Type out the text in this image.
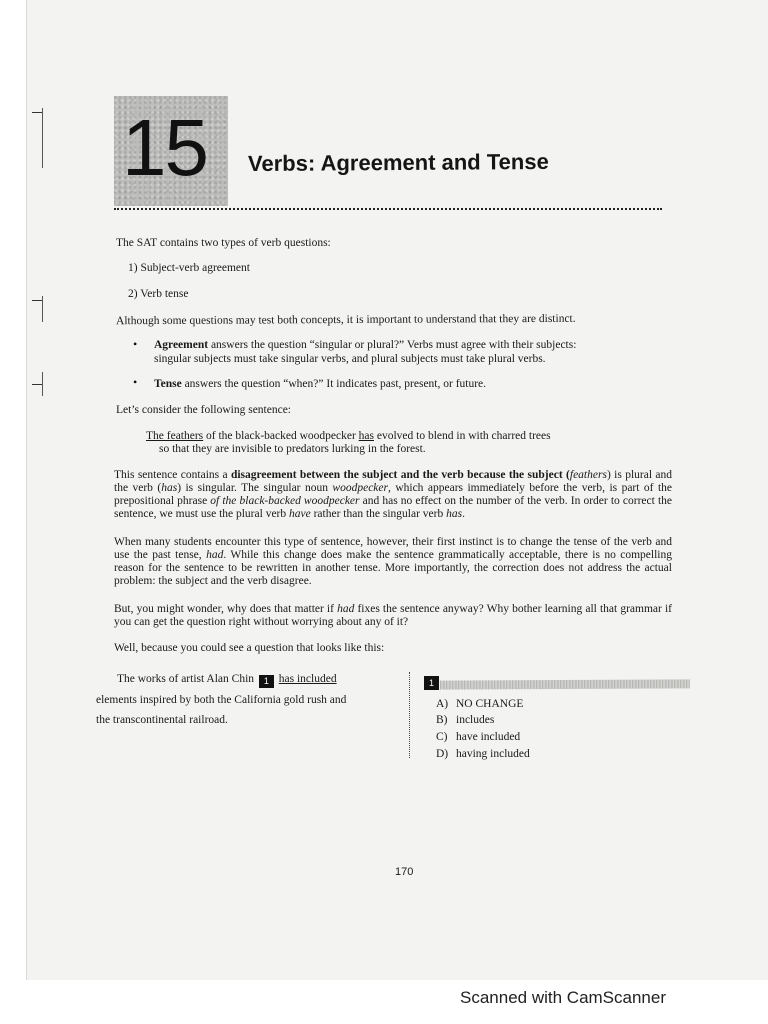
15 Verbs: Agreement and Tense
The SAT contains two types of verb questions:
1) Subject-verb agreement
2) Verb tense
Although some questions may test both concepts, it is important to understand that they are distinct.
• Agreement answers the question “singular or plural?” Verbs must agree with their subjects:
singular subjects must take singular verbs, and plural subjects must take plural verbs.
• Tense answers the question “when?” It indicates past, present, or future.
Let’s consider the following sentence:
The feathers of the black-backed woodpecker has evolved to blend in with charred trees
so that they are invisible to predators lurking in the forest.
This sentence contains a disagreement between the subject and the verb because the subject (feathers) is plural and the verb (has) is singular. The singular noun woodpecker, which appears immediately before the verb, is part of the prepositional phrase of the black-backed woodpecker and has no effect on the number of the verb. In order to correct the sentence, we must use the plural verb have rather than the singular verb has.
When many students encounter this type of sentence, however, their first instinct is to change the tense of the verb and use the past tense, had. While this change does make the sentence grammatically acceptable, there is no compelling reason for the sentence to be rewritten in another tense. More importantly, the correction does not address the actual problem: the subject and the verb disagree.
But, you might wonder, why does that matter if had fixes the sentence anyway? Why bother learning all that grammar if you can get the question right without worrying about any of it?
Well, because you could see a question that looks like this:
The works of artist Alan Chin 1 has included
elements inspired by both the California gold rush and
the transcontinental railroad.
1
A) NO CHANGE
B) includes
C) have included
D) having included
170
Scanned with CamScanner
